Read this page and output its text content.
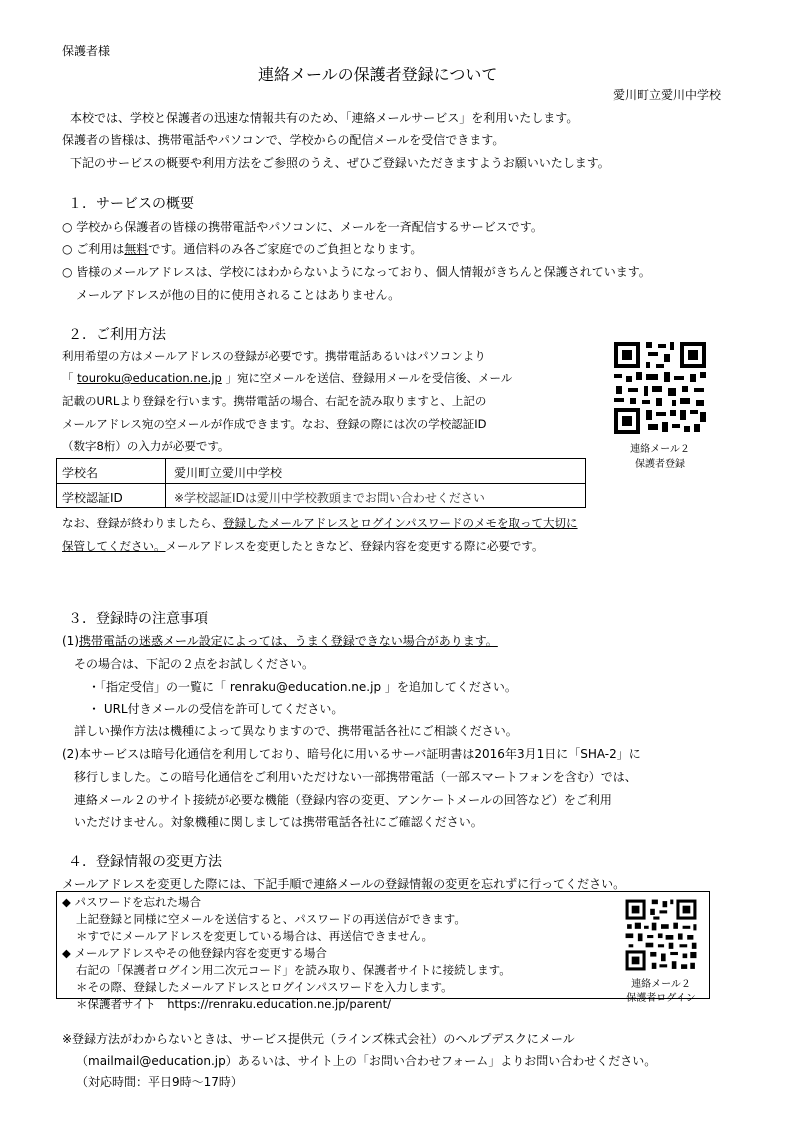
保護者様
連絡メールの保護者登録について
愛川町立愛川中学校
本校では、学校と保護者の迅速な情報共有のため、「連絡メールサービス」を利用いたします。
保護者の皆様は、携帯電話やパソコンで、学校からの配信メールを受信できます。
下記のサービスの概要や利用方法をご参照のうえ、ぜひご登録いただきますようお願いいたします。
１．サービスの概要
○ 学校から保護者の皆様の携帯電話やパソコンに、メールを一斉配信するサービスです。
○ ご利用は無料です。通信料のみ各ご家庭でのご負担となります。
○ 皆様のメールアドレスは、学校にはわからないようになっており、個人情報がきちんと保護されています。
メールアドレスが他の目的に使用されることはありません。
２．ご利用方法
利用希望の方はメールアドレスの登録が必要です。携帯電話あるいはパソコンより
「 touroku@education.ne.jp 」宛に空メールを送信、登録用メールを受信後、メール
記載のURLより登録を行います。携帯電話の場合、右記を読み取りますと、上記の
メールアドレス宛の空メールが作成できます。なお、登録の際には次の学校認証ID
（数字8桁）の入力が必要です。	連絡メール２
保護者登録
学校名	愛川町立愛川中学校
学校認証ID	※学校認証IDは愛川中学校教頭までお問い合わせください
なお、登録が終わりましたら、登録したメールアドレスとログインパスワードのメモを取って大切に
保管してください。メールアドレスを変更したときなど、登録内容を変更する際に必要です。
３．登録時の注意事項
(1)携帯電話の迷惑メール設定によっては、うまく登録できない場合があります。
その場合は、下記の２点をお試しください。
・「指定受信」の一覧に「 renraku@education.ne.jp 」を追加してください。
・ URL付きメールの受信を許可してください。
詳しい操作方法は機種によって異なりますので、携帯電話各社にご相談ください。
(2)本サービスは暗号化通信を利用しており、暗号化に用いるサーバ証明書は2016年3月1日に「SHA-2」に
移行しました。この暗号化通信をご利用いただけない一部携帯電話（一部スマートフォンを含む）では、
連絡メール２のサイト接続が必要な機能（登録内容の変更、アンケートメールの回答など）をご利用
いただけません。対象機種に関しましては携帯電話各社にご確認ください。
４．登録情報の変更方法
メールアドレスを変更した際には、下記手順で連絡メールの登録情報の変更を忘れずに行ってください。
◆ パスワードを忘れた場合
上記登録と同様に空メールを送信すると、パスワードの再送信ができます。
＊すでにメールアドレスを変更している場合は、再送信できません。
◆ メールアドレスやその他登録内容を変更する場合
右記の「保護者ログイン用二次元コード」を読み取り、保護者サイトに接続します。
＊その際、登録したメールアドレスとログインパスワードを入力します。
＊保護者サイト　https://renraku.education.ne.jp/parent/
連絡メール２
保護者ログイン
※登録方法がわからないときは、サービス提供元（ラインズ株式会社）のヘルプデスクにメール
（mailmail@education.jp）あるいは、サイト上の「お問い合わせフォーム」よりお問い合わせください。
（対応時間：平日9時～17時）
